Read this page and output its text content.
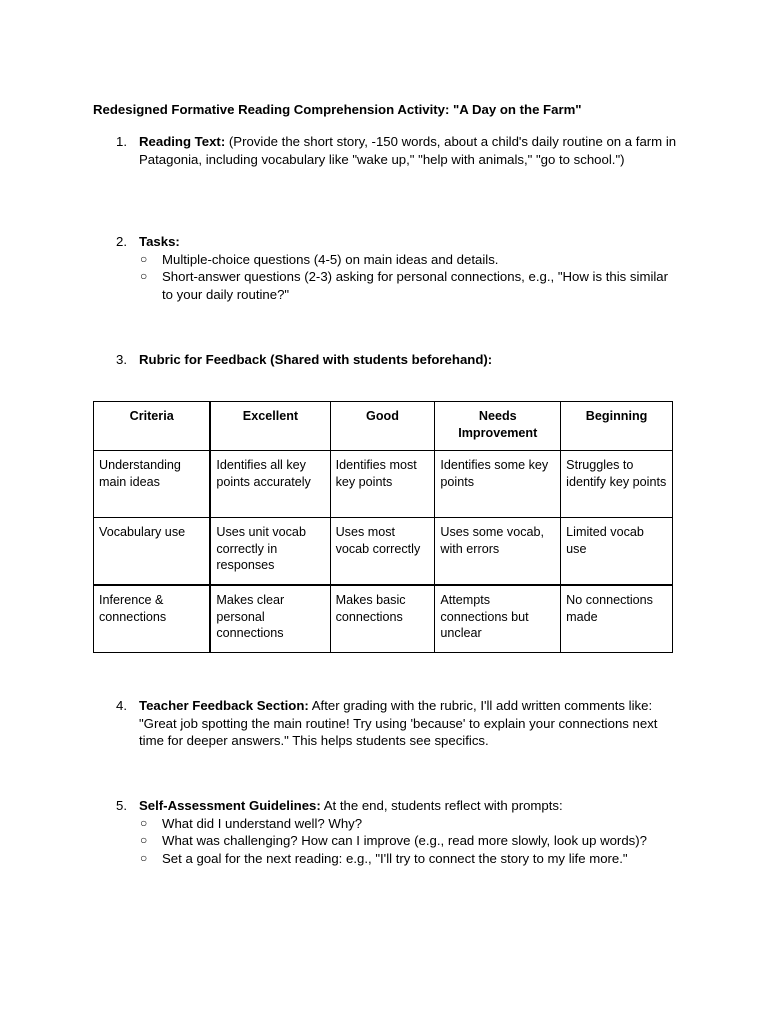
Redesigned Formative Reading Comprehension Activity: "A Day on the Farm"
1. Reading Text: (Provide the short story, -150 words, about a child's daily routine on a farm in Patagonia, including vocabulary like "wake up," "help with animals," "go to school.")
2. Tasks:
○ Multiple-choice questions (4-5) on main ideas and details.
○ Short-answer questions (2-3) asking for personal connections, e.g., "How is this similar to your daily routine?"
3. Rubric for Feedback (Shared with students beforehand):
Criteria	Excellent	Good	Needs Improvement	Beginning
Understanding main ideas	Identifies all key points accurately	Identifies most key points	Identifies some key points	Struggles to identify key points
Vocabulary use	Uses unit vocab correctly in responses	Uses most vocab correctly	Uses some vocab, with errors	Limited vocab use
Inference & connections	Makes clear personal connections	Makes basic connections	Attempts connections but unclear	No connections made
4. Teacher Feedback Section: After grading with the rubric, I'll add written comments like: "Great job spotting the main routine! Try using 'because' to explain your connections next time for deeper answers." This helps students see specifics.
5. Self-Assessment Guidelines: At the end, students reflect with prompts:
○ What did I understand well? Why?
○ What was challenging? How can I improve (e.g., read more slowly, look up words)?
○ Set a goal for the next reading: e.g., "I'll try to connect the story to my life more."
